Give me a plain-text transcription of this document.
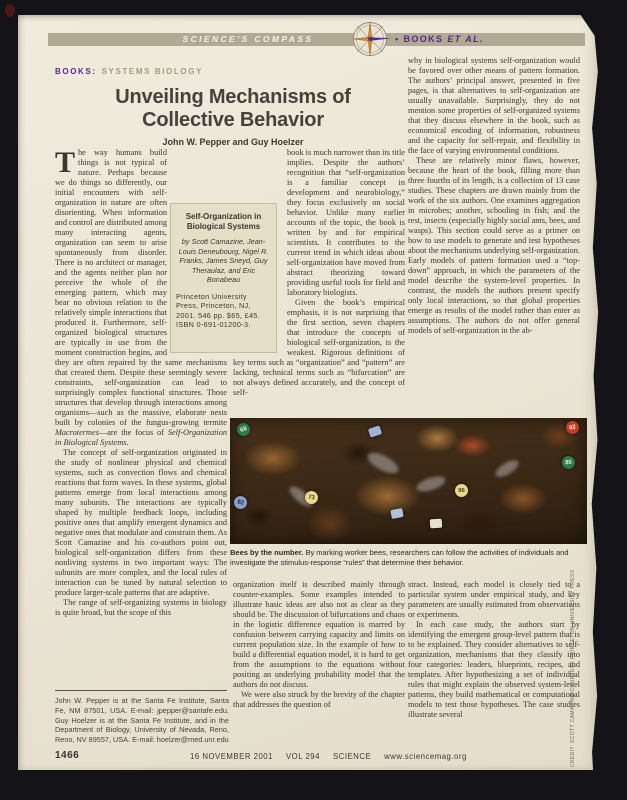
SCIENCE'S COMPASS	• BOOKS ET AL.
BOOKS: SYSTEMS BIOLOGY
Unveiling Mechanisms of
Collective Behavior
John W. Pepper and Guy Hoelzer
T he way humans build things is not typical of nature. Perhaps because we do things so differently, our initial encounters with self-organization in nature are often disorienting. When information and control are distributed among many interacting agents, organization can seem to arise spontaneously from disorder. There is no architect or manager, and the agents neither plan nor perceive the whole of the emerging pattern, which may bear no obvious relation to the relatively simple interactions that produced it. Furthermore, self-organized biological structures are typically in use from the moment construction begins, and they are often repaired by the same mechanisms that created them. Despite these seemingly severe constraints, self-organization can lead to surprisingly complex functional structures. Those structures that develop through interactions among organisms—such as the massive, elaborate nests built by colonies of the fungus-growing termite Macrotermes—are the focus of Self-Organization in Biological Systems.

The concept of self-organization originated in the study of nonlinear physical and chemical systems, such as convection flows and chemical reactions that form waves. In these systems, global patterns emerge from local interactions among many subunits. The interactions are typically shaped by multiple feedback loops, including positive ones that amplify emergent dynamics and negative ones that modulate and constrain them. As Scott Camazine and his co-authors point out, biological self-organization differs from these nonliving systems in two important ways: The subunits are more complex, and the local rules of interaction can be tuned by natural selection to produce larger-scale patterns that are adaptive.

The range of self-organizing systems in biology is quite broad, but the scope of this

Self-Organization in Biological Systems
by Scott Camazine, Jean-Louis Deneubourg, Nigel R. Franks, James Sneyd, Guy Theraulaz, and Eric Bonabeau
Princeton University Press, Princeton, NJ, 2001. 546 pp. $65, £45. ISBN 0-691-01200-3.

book is much narrower than its title implies. Despite the authors’ recognition that “self-organization is a familiar concept in development and neurobiology,” they focus exclusively on social behavior. Unlike many earlier accounts of the topic, the book is written by and for empirical scientists. It contributes to the current trend in which ideas about self-organization have moved from abstract theorizing toward providing useful tools for field and laboratory biologists.

Given the book’s empirical emphasis, it is not surprising that the first section, seven chapters that introduce the concepts of biological self-organization, is the weakest. Rigorous definitions of key terms such as “organization” and “pattern” are lacking, technical terms such as “bifurcation” are not always defined accurately, and the concept of self-

why in biological systems self-organization would be favored over other means of pattern formation. The authors’ principal answer, presented in five pages, is that alternatives to self-organization are usually unavailable. Surprisingly, they do not mention some properties of self-organized systems that they discuss elsewhere in the book, such as economical encoding of information, robustness and the capacity for self-repair, and flexibility in the face of varying environmental conditions.

These are relatively minor flaws, however, because the heart of the book, filling more than three fourths of its length, is a collection of 13 case studies. These chapters are drawn mainly from the work of the six authors. One examines aggregation in microbes; another, schooling in fish; and the rest, insects (especially highly social ants, bees, and wasps). This section could serve as a primer on how to use models to generate and test hypotheses about the mechanisms underlying self-organization. Early models of pattern formation used a “top-down” approach, in which the parameters of the model describe the system-level properties. In contrast, the models the authors present specify only local interactions, so that global properties emerge as results of the model rather than enter as assumptions. The authors do not offer general models of self-organization in the ab-

68	82
85
96
73
92
Bees by the number. By marking worker bees, researchers can follow the activities of individuals and investigate the stimulus-response “rules” that determine their behavior.

organization itself is described mainly through counter-examples. Some examples intended to illustrate basic ideas are also not as clear as they should be. The discussion of bifurcations and chaos in the logistic difference equation is marred by confusion between carrying capacity and limits on current population size. In the example of how to build a differential equation model, it is hard to get from the assumptions to the equations without positing an underlying probability model that the authors do not discuss.

We were also struck by the brevity of the chapter that addresses the question of

stract. Instead, each model is closely tied to a particular system under empirical study, and key parameters are usually estimated from observations or experiments.

In each case study, the authors start by identifying the emergent group-level pattern that is to be explained. They consider alternatives to self-organization, mechanisms that they classify into four categories: leaders, blueprints, recipes, and templates. After hypothesizing a set of individual rules that might explain the observed system-level patterns, they build mathematical or computational models to test those hypotheses. The case studies illustrate several

John W. Pepper is at the Santa Fe Institute, Santa Fe, NM 87501, USA. E-mail: jpepper@santafe.edu. Guy Hoelzer is at the Santa Fe Institute, and in the Department of Biology, University of Nevada, Reno, Reno, NV 89557, USA. E-mail: hoelzer@med.unr.edu
1466	16 NOVEMBER 2001 VOL 294 SCIENCE www.sciencemag.org	CREDIT: SCOTT CAMAZINE/COURTESY PRINCETON UNIVERSITY PRESS
